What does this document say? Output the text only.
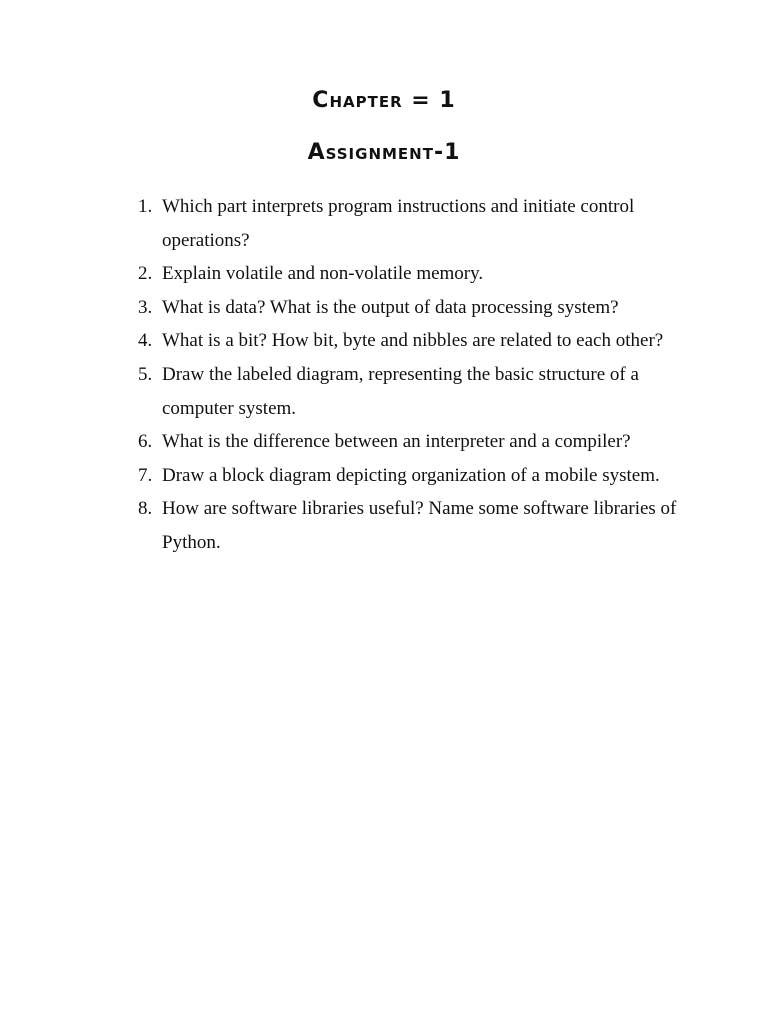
Chapter = 1
Assignment-1
1. Which part interprets program instructions and initiate control operations?
2. Explain volatile and non-volatile memory.
3. What is data? What is the output of data processing system?
4. What is a bit? How bit, byte and nibbles are related to each other?
5. Draw the labeled diagram, representing the basic structure of a computer system.
6. What is the difference between an interpreter and a compiler?
7. Draw a block diagram depicting organization of a mobile system.
8. How are software libraries useful? Name some software libraries of Python.
